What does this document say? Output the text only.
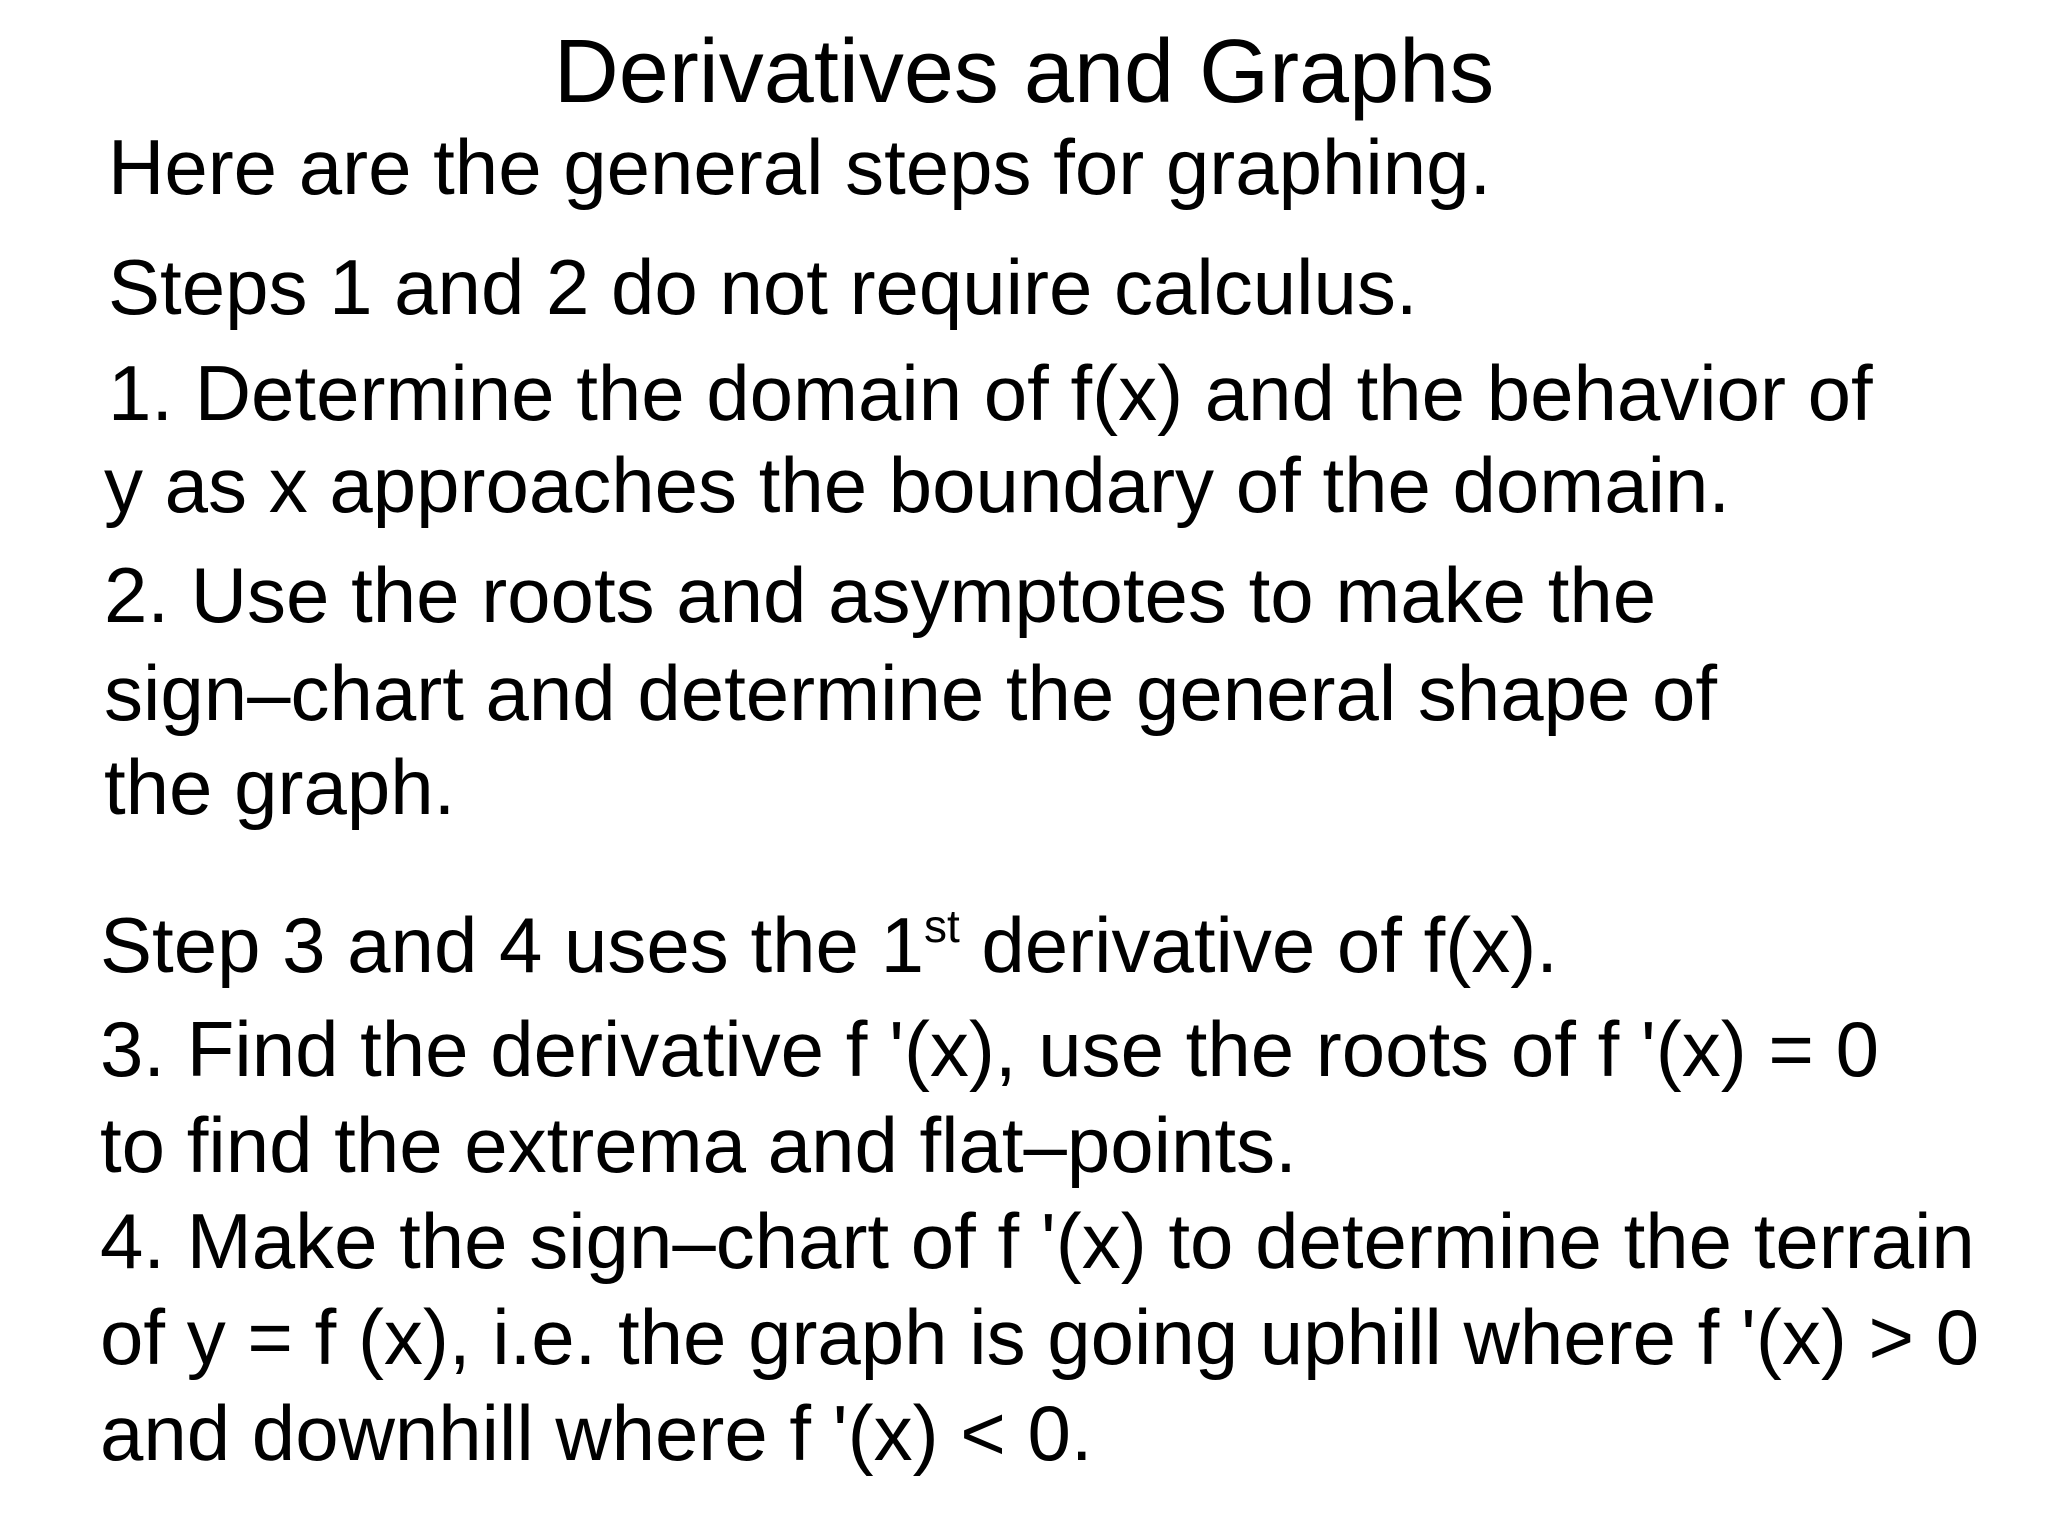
Derivatives and Graphs
Here are the general steps for graphing.
Steps 1 and 2 do not require calculus.
1. Determine the domain of f(x) and the behavior of
y as x approaches the boundary of the domain.
2. Use the roots and asymptotes to make the
sign–chart and determine the general shape of
the graph.
Step 3 and 4 uses the 1st derivative of f(x).
3. Find the derivative f '(x), use the roots of f '(x) = 0
to find the extrema and flat–points.
4. Make the sign–chart of f '(x) to determine the terrain
of y = f (x), i.e. the graph is going uphill where f '(x) > 0
and downhill where f '(x) < 0.
